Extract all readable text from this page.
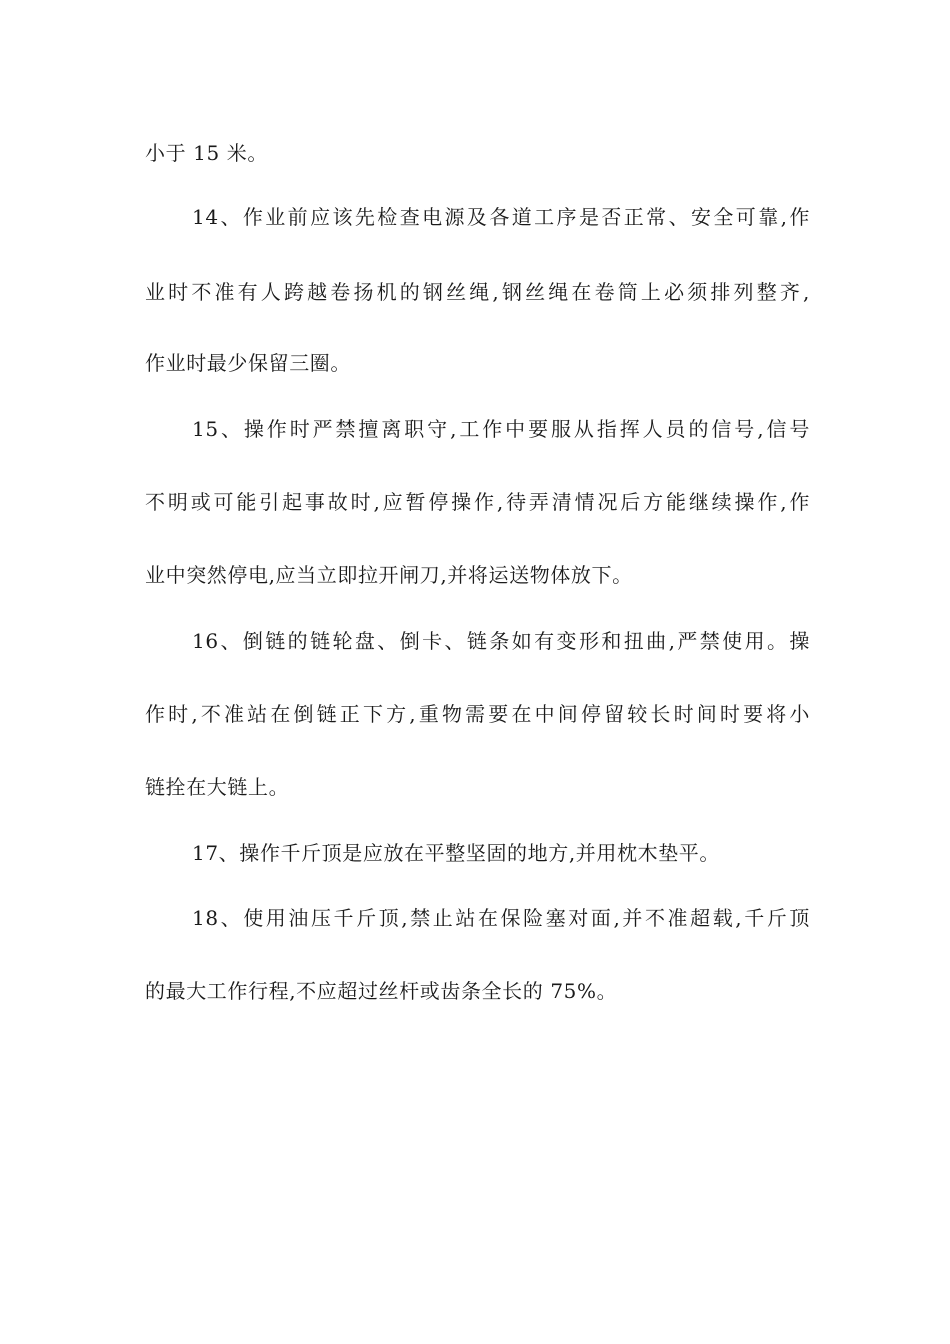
小于 15 米。
14、作业前应该先检查电源及各道工序是否正常、安全可靠,作
业时不准有人跨越卷扬机的钢丝绳,钢丝绳在卷筒上必须排列整齐,
作业时最少保留三圈。
15、操作时严禁擅离职守,工作中要服从指挥人员的信号,信号
不明或可能引起事故时,应暂停操作,待弄清情况后方能继续操作,作
业中突然停电,应当立即拉开闸刀,并将运送物体放下。
16、倒链的链轮盘、倒卡、链条如有变形和扭曲,严禁使用。操
作时,不准站在倒链正下方,重物需要在中间停留较长时间时要将小
链拴在大链上。
17、操作千斤顶是应放在平整坚固的地方,并用枕木垫平。
18、使用油压千斤顶,禁止站在保险塞对面,并不准超载,千斤顶
的最大工作行程,不应超过丝杆或齿条全长的 75%。
